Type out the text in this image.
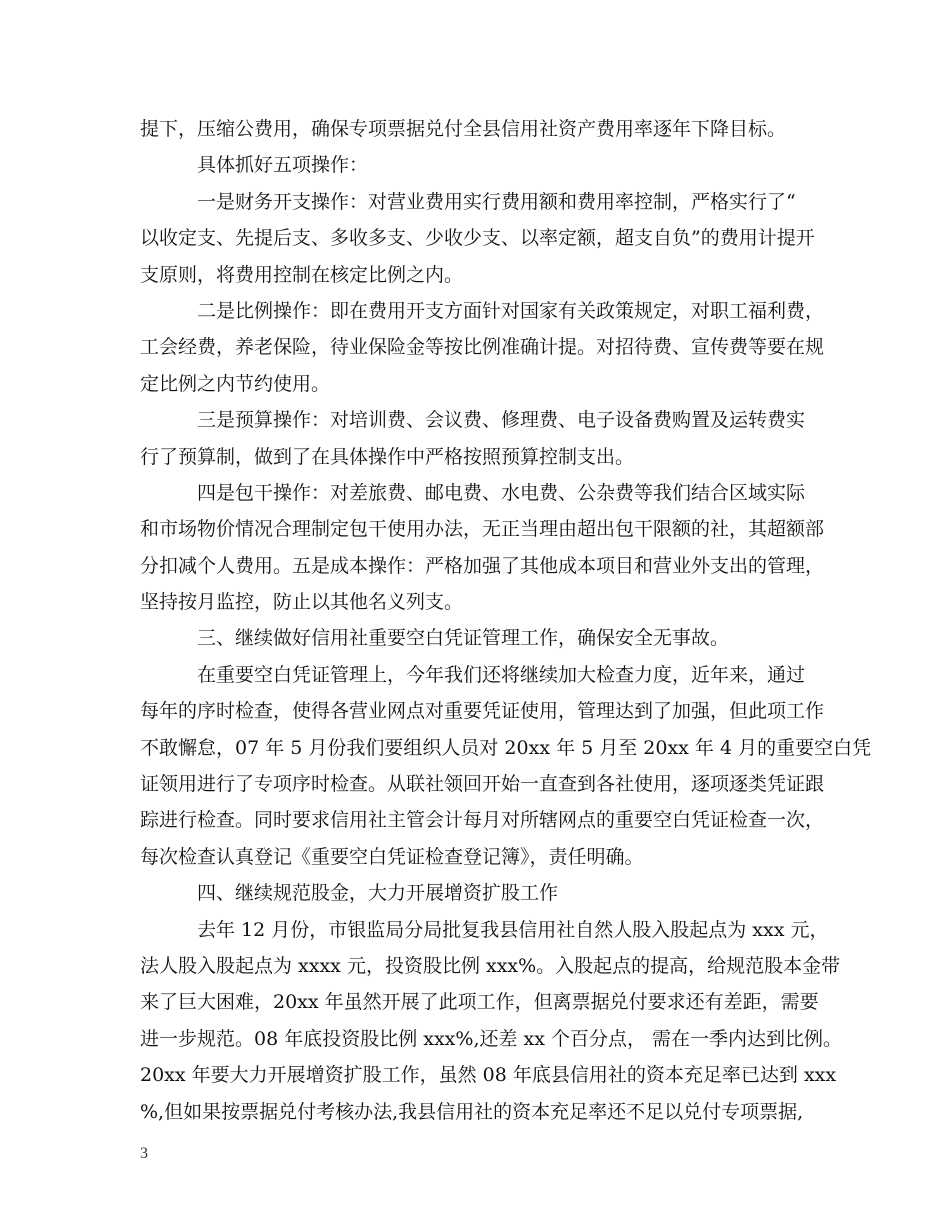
提下，压缩公费用，确保专项票据兑付全县信用社资产费用率逐年下降目标。
具体抓好五项操作：
一是财务开支操作：对营业费用实行费用额和费用率控制，严格实行了“
以收定支、先提后支、多收多支、少收少支、以率定额，超支自负”的费用计提开
支原则，将费用控制在核定比例之内。
二是比例操作：即在费用开支方面针对国家有关政策规定，对职工福利费，
工会经费，养老保险，待业保险金等按比例准确计提。对招待费、宣传费等要在规
定比例之内节约使用。
三是预算操作：对培训费、会议费、修理费、电子设备费购置及运转费实
行了预算制，做到了在具体操作中严格按照预算控制支出。
四是包干操作：对差旅费、邮电费、水电费、公杂费等我们结合区域实际
和市场物价情况合理制定包干使用办法，无正当理由超出包干限额的社，其超额部
分扣减个人费用。五是成本操作：严格加强了其他成本项目和营业外支出的管理，
坚持按月监控，防止以其他名义列支。
三、继续做好信用社重要空白凭证管理工作，确保安全无事故。
在重要空白凭证管理上，今年我们还将继续加大检查力度，近年来，通过
每年的序时检查，使得各营业网点对重要凭证使用，管理达到了加强，但此项工作
不敢懈怠，07 年 5 月份我们要组织人员对 20xx 年 5 月至 20xx 年 4 月的重要空白凭
证领用进行了专项序时检查。从联社领回开始一直查到各社使用，逐项逐类凭证跟
踪进行检查。同时要求信用社主管会计每月对所辖网点的重要空白凭证检查一次，
每次检查认真登记《重要空白凭证检查登记簿》，责任明确。
四、继续规范股金，大力开展增资扩股工作
去年 12 月份，市银监局分局批复我县信用社自然人股入股起点为 xxx 元，
法人股入股起点为 xxxx 元，投资股比例 xxx%。入股起点的提高，给规范股本金带
来了巨大困难，20xx 年虽然开展了此项工作，但离票据兑付要求还有差距，需要
进一步规范。08 年底投资股比例 xxx%,还差 xx 个百分点， 需在一季内达到比例。
20xx 年要大力开展增资扩股工作，虽然 08 年底县信用社的资本充足率已达到 xxx
%,但如果按票据兑付考核办法,我县信用社的资本充足率还不足以兑付专项票据,
3
